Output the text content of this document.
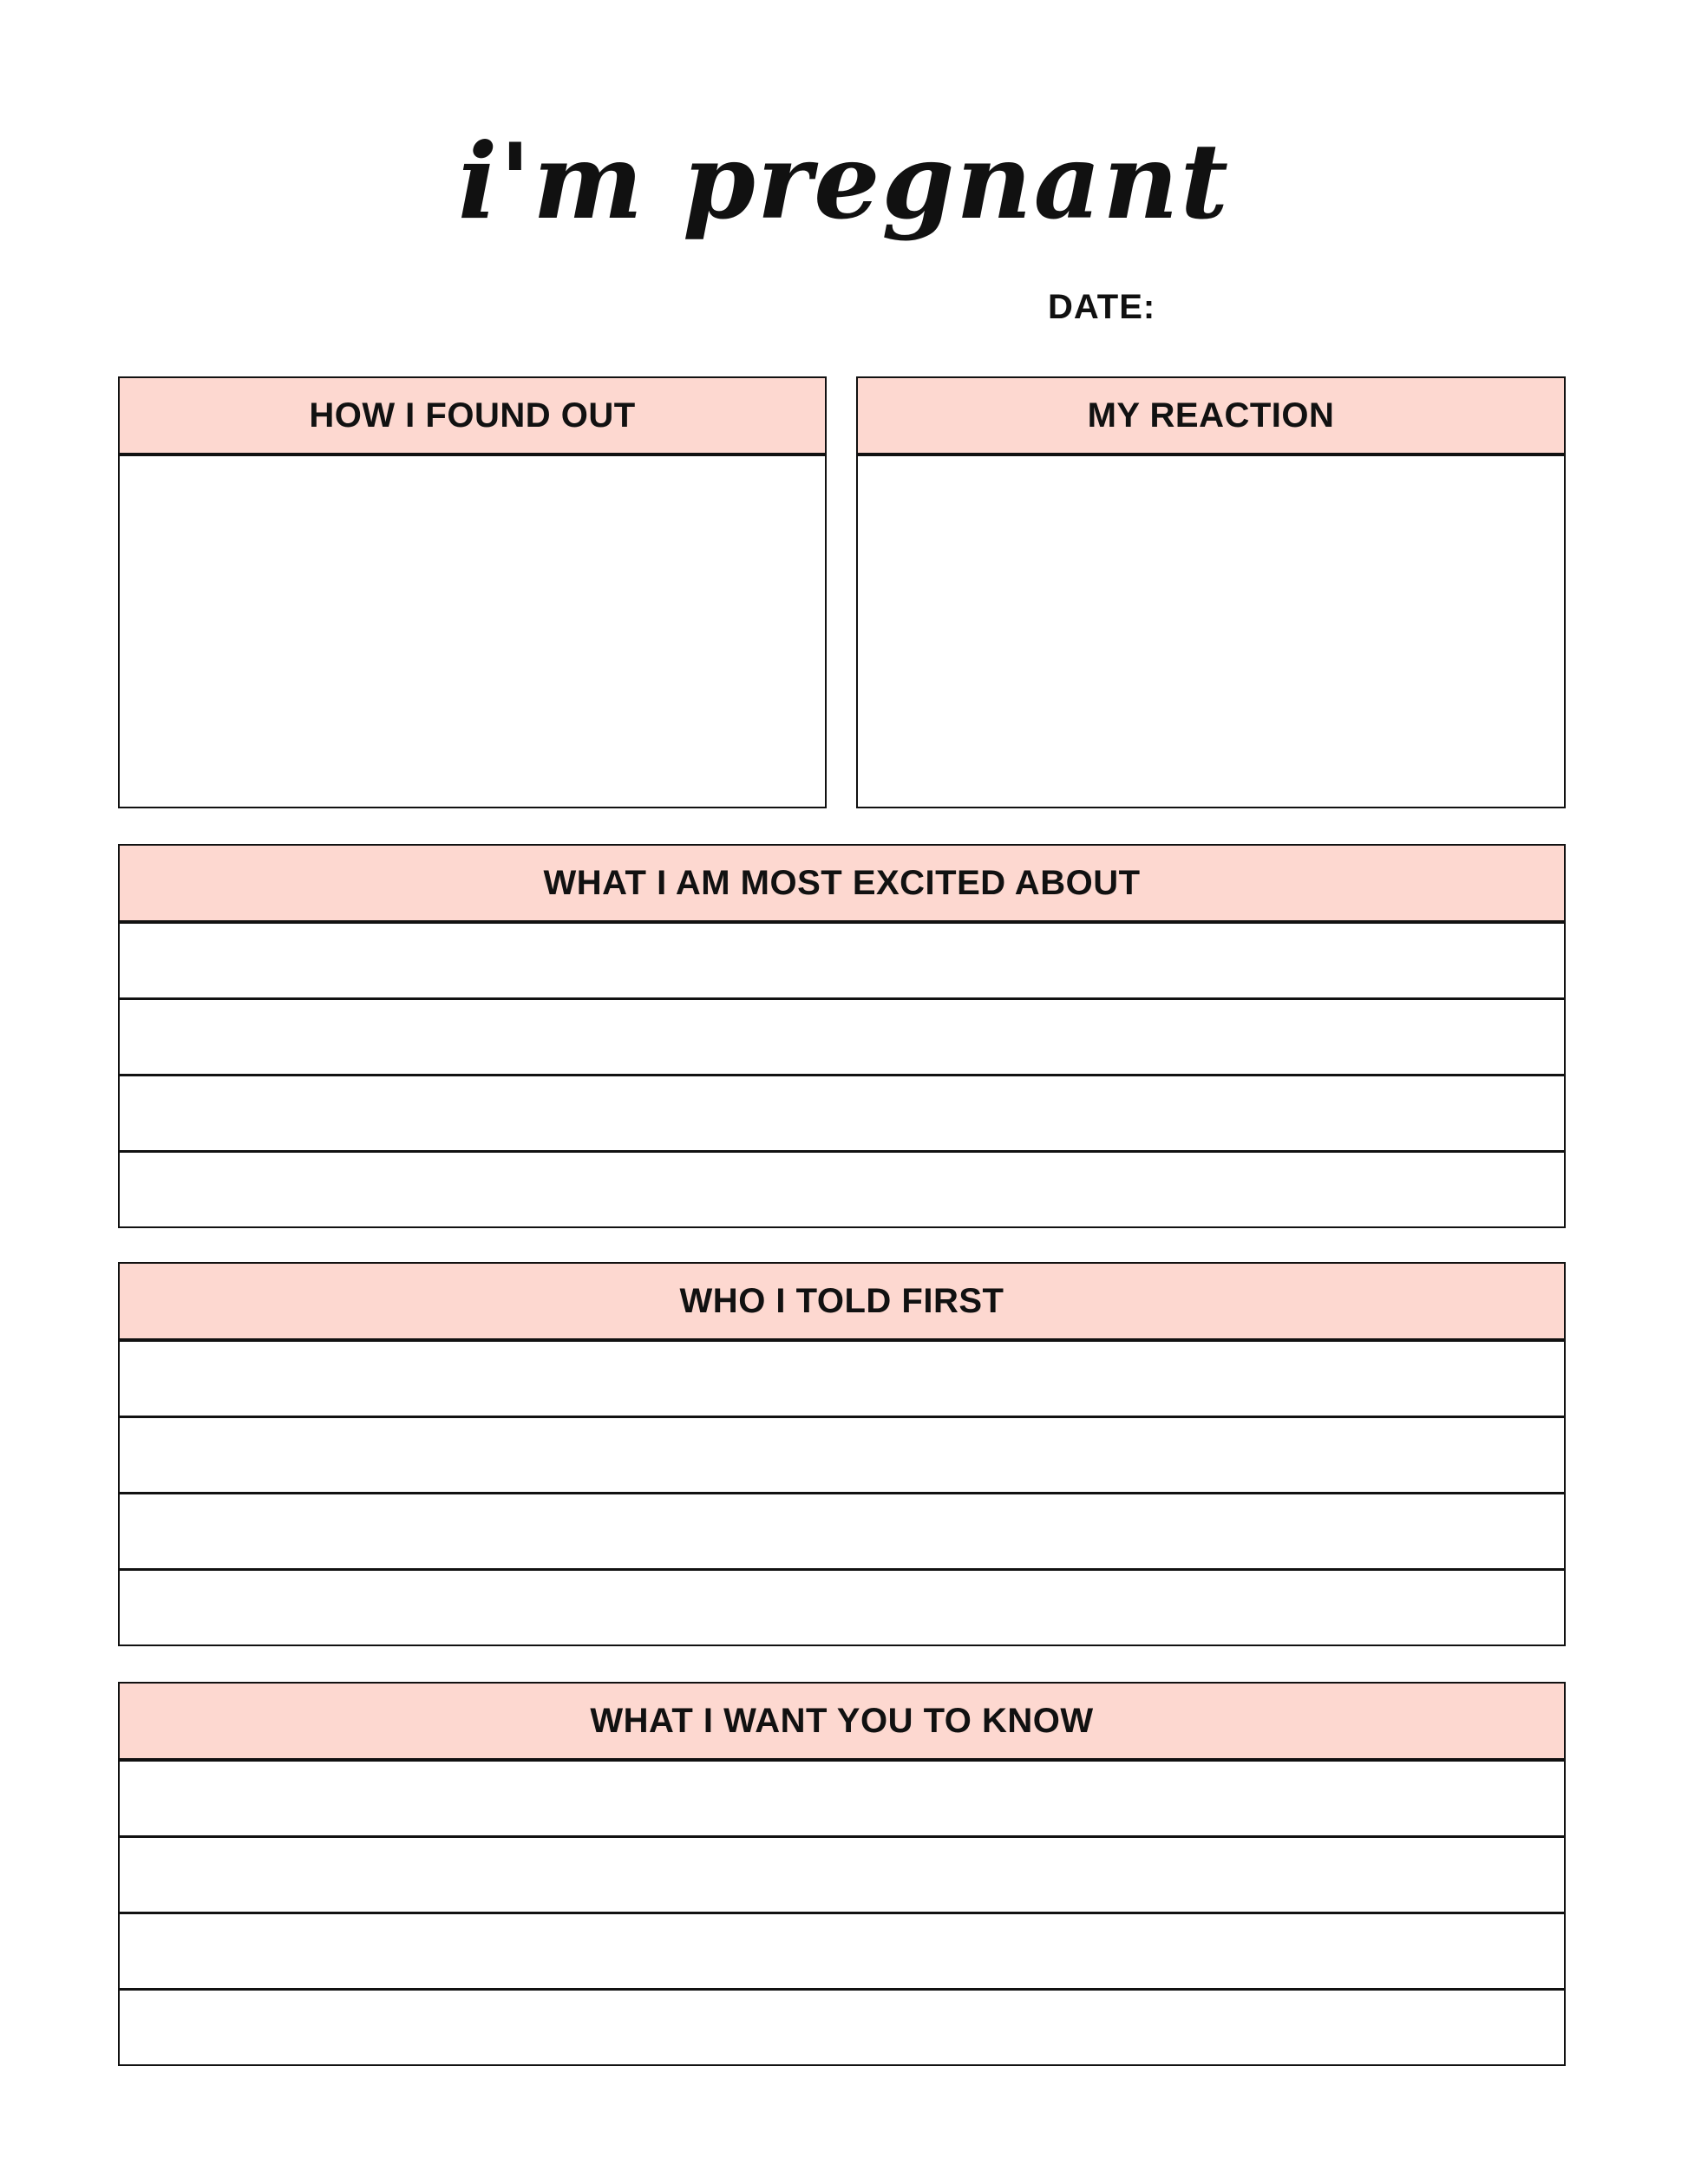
i'm pregnant
DATE:
HOW I FOUND OUT	MY REACTION
WHAT I AM MOST EXCITED ABOUT
WHO I TOLD FIRST
WHAT I WANT YOU TO KNOW
